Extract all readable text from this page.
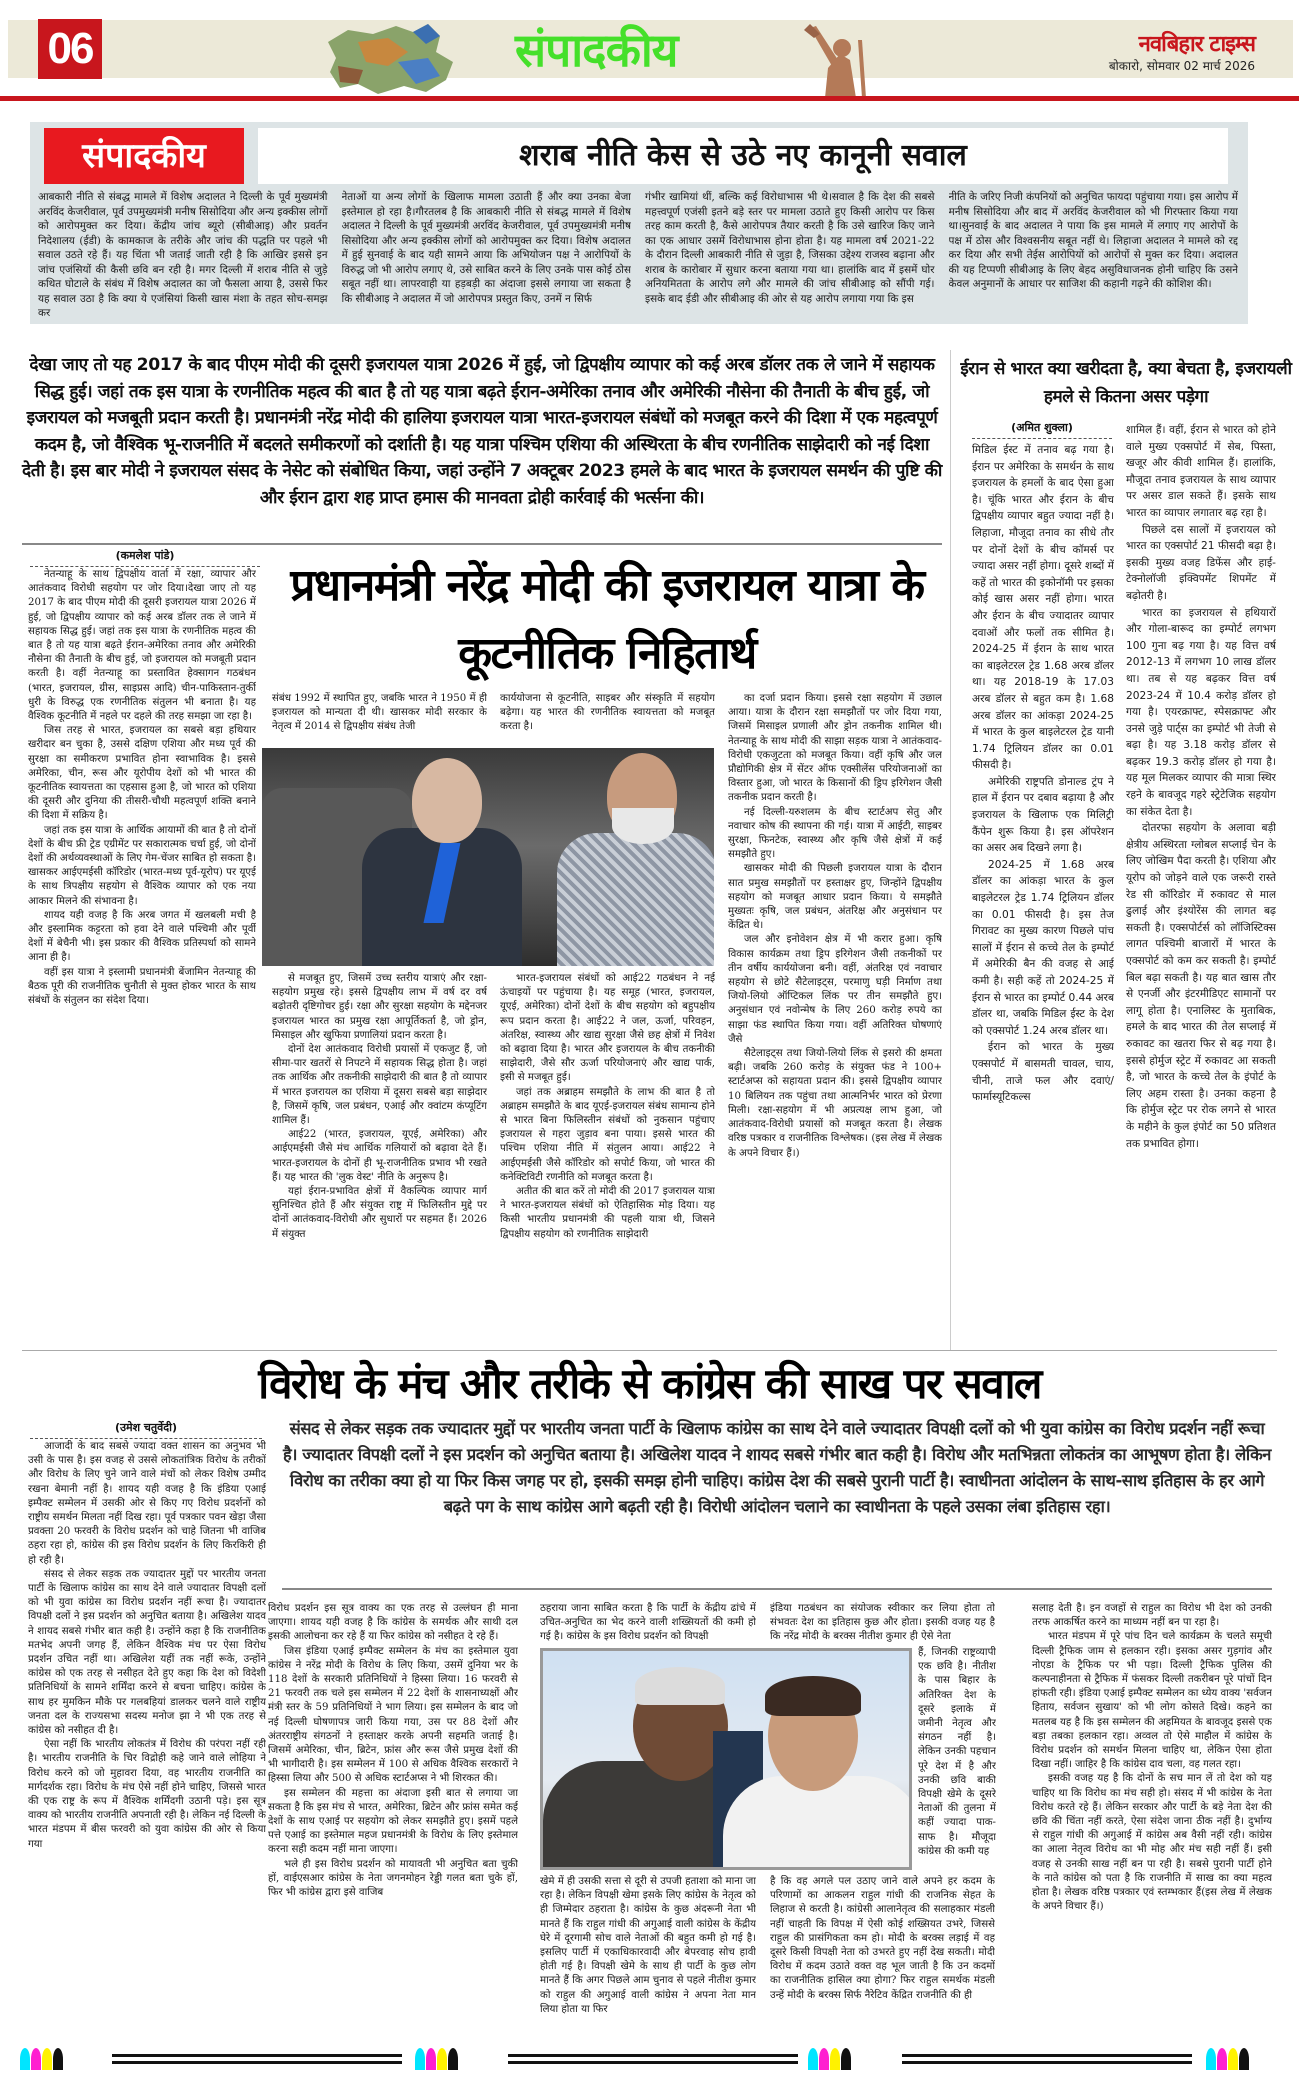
06	संपादकीय	नवबिहार टाइम्स
बोकारो, सोमवार 02 मार्च 2026
संपादकीय	शराब नीति केस से उठे नए कानूनी सवाल
आबकारी नीति से संबद्ध मामले में विशेष अदालत ने दिल्ली के पूर्व मुख्यमंत्री अरविंद केजरीवाल, पूर्व उपमुख्यमंत्री मनीष सिसोदिया और अन्य इक्कीस लोगों को आरोपमुक्त कर दिया। केंद्रीय जांच ब्यूरो (सीबीआइ) और प्रवर्तन निदेशालय (ईडी) के कामकाज के तरीके और जांच की पद्धति पर पहले भी सवाल उठते रहे हैं। यह चिंता भी जताई जाती रही है कि आखिर इससे इन जांच एजंसियों की कैसी छवि बन रही है। मगर दिल्ली में शराब नीति से जुड़े कथित घोटाले के संबंध में विशेष अदालत का जो फैसला आया है, उससे फिर यह सवाल उठा है कि क्या ये एजंसियां किसी खास मंशा के तहत सोच-समझ कर
नेताओं या अन्य लोगों के खिलाफ मामला उठाती हैं और क्या उनका बेजा इस्तेमाल हो रहा है।गौरतलब है कि आबकारी नीति से संबद्ध मामले में विशेष अदालत ने दिल्ली के पूर्व मुख्यमंत्री अरविंद केजरीवाल, पूर्व उपमुख्यमंत्री मनीष सिसोदिया और अन्य इक्कीस लोगों को आरोपमुक्त कर दिया। विशेष अदालत में हुई सुनवाई के बाद यही सामने आया कि अभियोजन पक्ष ने आरोपियों के विरुद्ध जो भी आरोप लगाए थे, उसे साबित करने के लिए उनके पास कोई ठोस सबूत नहीं था। लापरवाही या हड़बड़ी का अंदाजा इससे लगाया जा सकता है कि सीबीआइ ने अदालत में जो आरोपपत्र प्रस्तुत किए, उनमें न सिर्फ
गंभीर खामियां थीं, बल्कि कई विरोधाभास भी थे।सवाल है कि देश की सबसे महत्त्वपूर्ण एजंसी इतने बड़े स्तर पर मामला उठाते हुए किसी आरोप पर किस तरह काम करती है, कैसे आरोपपत्र तैयार करती है कि उसे खारिज किए जाने का एक आधार उसमें विरोधाभास होना होता है। यह मामला वर्ष 2021-22 के दौरान दिल्ली आबकारी नीति से जुड़ा है, जिसका उद्देश्य राजस्व बढ़ाना और शराब के कारोबार में सुधार करना बताया गया था। हालांकि बाद में इसमें घोर अनियमितता के आरोप लगे और मामले की जांच सीबीआइ को सौंपी गई। इसके बाद ईडी और सीबीआइ की ओर से यह आरोप लगाया गया कि इस
नीति के जरिए निजी कंपनियों को अनुचित फायदा पहुंचाया गया। इस आरोप में मनीष सिसोदिया और बाद में अरविंद केजरीवाल को भी गिरफ्तार किया गया था।सुनवाई के बाद अदालत ने पाया कि इस मामले में लगाए गए आरोपों के पक्ष में ठोस और विश्वसनीय सबूत नहीं थे। लिहाजा अदालत ने मामले को रद्द कर दिया और सभी तेईस आरोपियों को आरोपों से मुक्त कर दिया। अदालत की यह टिप्पणी सीबीआइ के लिए बेहद असुविधाजनक होनी चाहिए कि उसने केवल अनुमानों के आधार पर साजिश की कहानी गढ़ने की कोशिश की।
देखा जाए तो यह 2017 के बाद पीएम मोदी की दूसरी इजरायल यात्रा 2026 में हुई, जो द्विपक्षीय व्यापार को कई अरब डॉलर तक ले जाने में सहायक सिद्ध हुई। जहां तक इस यात्रा के रणनीतिक महत्व की बात है तो यह यात्रा बढ़ते ईरान-अमेरिका तनाव और अमेरिकी नौसेना की तैनाती के बीच हुई, जो इजरायल को मजबूती प्रदान करती है। प्रधानमंत्री नरेंद्र मोदी की हालिया इजरायल यात्रा भारत-इजरायल संबंधों को मजबूत करने की दिशा में एक महत्वपूर्ण कदम है, जो वैश्विक भू-राजनीति में बदलते समीकरणों को दर्शाती है। यह यात्रा पश्चिम एशिया की अस्थिरता के बीच रणनीतिक साझेदारी को नई दिशा देती है। इस बार मोदी ने इजरायल संसद के नेसेट को संबोधित किया, जहां उन्होंने 7 अक्टूबर 2023 हमले के बाद भारत के इजरायल समर्थन की पुष्टि की और ईरान द्वारा शह प्राप्त हमास की मानवता द्रोही कार्रवाई की भर्त्सना की।
(कमलेश पांडे)
प्रधानमंत्री नरेंद्र मोदी की इजरायल यात्रा के कूटनीतिक निहितार्थ

नेतन्याहू के साथ द्विपक्षीय वार्ता में रक्षा, व्यापार और आतंकवाद विरोधी सहयोग पर जोर दिया।देखा जाए तो यह 2017 के बाद पीएम मोदी की दूसरी इजरायल यात्रा 2026 में हुई, जो द्विपक्षीय व्यापार को कई अरब डॉलर तक ले जाने में सहायक सिद्ध हुई। जहां तक इस यात्रा के रणनीतिक महत्व की बात है तो यह यात्रा बढ़ते ईरान-अमेरिका तनाव और अमेरिकी नौसेना की तैनाती के बीच हुई, जो इजरायल को मजबूती प्रदान करती है। वहीं नेतन्याहू का प्रस्तावित हेक्सागन गठबंधन (भारत, इजरायल, ग्रीस, साइप्रस आदि) चीन-पाकिस्तान-तुर्की धुरी के विरुद्ध एक रणनीतिक संतुलन भी बनाता है। यह वैश्विक कूटनीति में नहले पर दहले की तरह समझा जा रहा है।

जिस तरह से भारत, इजरायल का सबसे बड़ा हथियार खरीदार बन चुका है, उससे दक्षिण एशिया और मध्य पूर्व की सुरक्षा का समीकरण प्रभावित होना स्वाभाविक है। इससे अमेरिका, चीन, रूस और यूरोपीय देशों को भी भारत की कूटनीतिक स्वायत्तता का एहसास हुआ है, जो भारत को एशिया की दूसरी और दुनिया की तीसरी-चौथी महत्वपूर्ण शक्ति बनाने की दिशा में सक्रिय है।

जहां तक इस यात्रा के आर्थिक आयामों की बात है तो दोनों देशों के बीच फ्री ट्रेड एग्रीमेंट पर सकारात्मक चर्चा हुई, जो दोनों देशों की अर्थव्यवस्थाओं के लिए गेम-चेंजर साबित हो सकता है। खासकर आईएमईसी कॉरिडोर (भारत-मध्य पूर्व-यूरोप) पर यूएई के साथ त्रिपक्षीय सहयोग से वैश्विक व्यापार को एक नया आकार मिलने की संभावना है।

शायद यही वजह है कि अरब जगत में खलबली मची है और इस्लामिक कट्टरता को हवा देने वाले पश्चिमी और पूर्वी देशों में बेचैनी भी। इस प्रकार की वैश्विक प्रतिस्पर्धा को सामने आना ही है।

वहीं इस यात्रा ने इस्लामी प्रधानमंत्री बेंजामिन नेतन्याहू की बैठक पूरी की राजनीतिक चुनौती से मुक्त होकर भारत के साथ संबंधों के संतुलन का संदेश दिया।

संबंध 1992 में स्थापित हुए, जबकि भारत ने 1950 में ही इजरायल को मान्यता दी थी। खासकर मोदी सरकार के नेतृत्व में 2014 से द्विपक्षीय संबंध तेजी
कार्ययोजना से कूटनीति, साइबर और संस्कृति में सहयोग बढ़ेगा। यह भारत की रणनीतिक स्वायत्तता को मजबूत करता है।

का दर्जा प्रदान किया। इससे रक्षा सहयोग में उछाल आया। यात्रा के दौरान रक्षा समझौतों पर जोर दिया गया, जिसमें मिसाइल प्रणाली और ड्रोन तकनीक शामिल थी। नेतन्याहू के साथ मोदी की साझा सड़क यात्रा ने आतंकवाद-विरोधी एकजुटता को मजबूत किया। वहीं कृषि और जल प्रौद्योगिकी क्षेत्र में सेंटर ऑफ एक्सीलेंस परियोजनाओं का विस्तार हुआ, जो भारत के किसानों की ड्रिप इरिगेशन जैसी तकनीक प्रदान करती है।

नई दिल्ली-यरुशलम के बीच स्टार्टअप सेतु और नवाचार कोष की स्थापना की गई। यात्रा में आईटी, साइबर सुरक्षा, फिनटेक, स्वास्थ्य और कृषि जैसे क्षेत्रों में कई समझौते हुए।

खासकर मोदी की पिछली इजरायल यात्रा के दौरान सात प्रमुख समझौतों पर हस्ताक्षर हुए, जिन्होंने द्विपक्षीय सहयोग को मजबूत आधार प्रदान किया। ये समझौते मुख्यतः कृषि, जल प्रबंधन, अंतरिक्ष और अनुसंधान पर केंद्रित थे।

जल और इनोवेशन क्षेत्र में भी करार हुआ। कृषि विकास कार्यक्रम तथा ड्रिप इरिगेशन जैसी तकनीकों पर तीन वर्षीय कार्ययोजना बनी। वहीं, अंतरिक्ष एवं नवाचार सहयोग से छोटे सैटेलाइट्स, परमाणु घड़ी निर्माण तथा जियो-लियो ऑप्टिकल लिंक पर तीन समझौते हुए। अनुसंधान एवं नवोन्मेष के लिए 260 करोड़ रुपये का साझा फंड स्थापित किया गया। वहीं अतिरिक्त घोषणाएं जैसे

सैटेलाइट्स तथा जियो-लियो लिंक से इसरो की क्षमता बढ़ी। जबकि 260 करोड़ के संयुक्त फंड ने 100+ स्टार्टअप्स को सहायता प्रदान की। इससे द्विपक्षीय व्यापार 10 बिलियन तक पहुंचा तथा आत्मनिर्भर भारत को प्रेरणा मिली। रक्षा-सहयोग में भी अप्रत्यक्ष लाभ हुआ, जो आतंकवाद-विरोधी प्रयासों को मजबूत करता है। लेखक वरिष्ठ पत्रकार व राजनीतिक विश्लेषक। (इस लेख में लेखक के अपने विचार हैं।)

से मजबूत हुए, जिसमें उच्च स्तरीय यात्राएं और रक्षा-सहयोग प्रमुख रहे। इससे द्विपक्षीय लाभ में वर्ष दर वर्ष बढ़ोतरी दृष्टिगोचर हुई। रक्षा और सुरक्षा सहयोग के मद्देनजर इजरायल भारत का प्रमुख रक्षा आपूर्तिकर्ता है, जो ड्रोन, मिसाइल और खुफिया प्रणालियां प्रदान करता है।

दोनों देश आतंकवाद विरोधी प्रयासों में एकजुट हैं, जो सीमा-पार खतरों से निपटने में सहायक सिद्ध होता है। जहां तक आर्थिक और तकनीकी साझेदारी की बात है तो व्यापार में भारत इजरायल का एशिया में दूसरा सबसे बड़ा साझेदार है, जिसमें कृषि, जल प्रबंधन, एआई और क्वांटम कंप्यूटिंग शामिल हैं।

आई22 (भारत, इजरायल, यूएई, अमेरिका) और आईएमईसी जैसे मंच आर्थिक गलियारों को बढ़ावा देते हैं। भारत-इजरायल के दोनों ही भू-राजनीतिक प्रभाव भी रखते हैं। यह भारत की 'लुक वेस्ट' नीति के अनुरूप है।

यहां ईरान-प्रभावित क्षेत्रों में वैकल्पिक व्यापार मार्ग सुनिश्चित होते हैं और संयुक्त राष्ट्र में फिलिस्तीन मुद्दे पर दोनों आतंकवाद-विरोधी और सुधारों पर सहमत हैं। 2026 में संयुक्त

भारत-इजरायल संबंधों को आई22 गठबंधन ने नई ऊंचाइयों पर पहुंचाया है। यह समूह (भारत, इजरायल, यूएई, अमेरिका) दोनों देशों के बीच सहयोग को बहुपक्षीय रूप प्रदान करता है। आई22 ने जल, ऊर्जा, परिवहन, अंतरिक्ष, स्वास्थ्य और खाद्य सुरक्षा जैसे छह क्षेत्रों में निवेश को बढ़ावा दिया है। भारत और इजरायल के बीच तकनीकी साझेदारी, जैसे सौर ऊर्जा परियोजनाएं और खाद्य पार्क, इसी से मजबूत हुई।

जहां तक अब्राहम समझौते के लाभ की बात है तो अब्राहम समझौते के बाद यूएई-इजरायल संबंध सामान्य होने से भारत बिना फिलिस्तीन संबंधों को नुकसान पहुंचाए इजरायल से गहरा जुड़ाव बना पाया। इससे भारत की पश्चिम एशिया नीति में संतुलन आया। आई22 ने आईएमईसी जैसे कॉरिडोर को सपोर्ट किया, जो भारत की कनेक्टिविटी रणनीति को मजबूत करता है।

अतीत की बात करें तो मोदी की 2017 इजरायल यात्रा ने भारत-इजरायल संबंधों को ऐतिहासिक मोड़ दिया। यह किसी भारतीय प्रधानमंत्री की पहली यात्रा थी, जिसने द्विपक्षीय सहयोग को रणनीतिक साझेदारी

ईरान से भारत क्या खरीदता है, क्या बेचता है, इजरायली हमले से कितना असर पड़ेगा
(अमित शुक्ला)

मिडिल ईस्ट में तनाव बढ़ गया है। ईरान पर अमेरिका के समर्थन के साथ इजरायल के हमलों के बाद ऐसा हुआ है। चूंकि भारत और ईरान के बीच द्विपक्षीय व्यापार बहुत ज्यादा नहीं है। लिहाजा, मौजूदा तनाव का सीधे तौर पर दोनों देशों के बीच कॉमर्स पर ज्यादा असर नहीं होगा। दूसरे शब्दों में कहें तो भारत की इकोनॉमी पर इसका कोई खास असर नहीं होगा। भारत और ईरान के बीच ज्यादातर व्यापार दवाओं और फलों तक सीमित है। 2024-25 में ईरान के साथ भारत का बाइलेटरल ट्रेड 1.68 अरब डॉलर था। यह 2018-19 के 17.03 अरब डॉलर से बहुत कम है। 1.68 अरब डॉलर का आंकड़ा 2024-25 में भारत के कुल बाइलेटरल ट्रेड यानी 1.74 ट्रिलियन डॉलर का 0.01 फीसदी है।

अमेरिकी राष्ट्रपति डोनाल्ड ट्रंप ने हाल में ईरान पर दबाव बढ़ाया है और इजरायल के खिलाफ एक मिलिट्री कैंपेन शुरू किया है। इस ऑपरेशन का असर अब दिखने लगा है।

2024-25 में 1.68 अरब डॉलर का आंकड़ा भारत के कुल बाइलेटरल ट्रेड 1.74 ट्रिलियन डॉलर का 0.01 फीसदी है। इस तेज गिरावट का मुख्य कारण पिछले पांच सालों में ईरान से कच्चे तेल के इम्पोर्ट में अमेरिकी बैन की वजह से आई कमी है। सही कहें तो 2024-25 में ईरान से भारत का इम्पोर्ट 0.44 अरब डॉलर था, जबकि मिडिल ईस्ट के देश को एक्सपोर्ट 1.24 अरब डॉलर था।

ईरान को भारत के मुख्य एक्सपोर्ट में बासमती चावल, चाय, चीनी, ताजे फल और दवाएं/फार्मास्यूटिकल्स

शामिल हैं। वहीं, ईरान से भारत को होने वाले मुख्य एक्सपोर्ट में सेब, पिस्ता, खजूर और कीवी शामिल हैं। हालांकि, मौजूदा तनाव इजरायल के साथ व्यापार पर असर डाल सकते हैं। इसके साथ भारत का व्यापार लगातार बढ़ रहा है।

पिछले दस सालों में इजरायल को भारत का एक्सपोर्ट 21 फीसदी बढ़ा है। इसकी मुख्य वजह डिफेंस और हाई-टेक्नोलॉजी इक्विपमेंट शिपमेंट में बढ़ोतरी है।

भारत का इजरायल से हथियारों और गोला-बारूद का इम्पोर्ट लगभग 100 गुना बढ़ गया है। यह वित्त वर्ष 2012-13 में लगभग 10 लाख डॉलर था। तब से यह बढ़कर वित्त वर्ष 2023-24 में 10.4 करोड़ डॉलर हो गया है। एयरक्राफ्ट, स्पेसक्राफ्ट और उनसे जुड़े पार्ट्स का इम्पोर्ट भी तेजी से बढ़ा है। यह 3.18 करोड़ डॉलर से बढ़कर 19.3 करोड़ डॉलर हो गया है। यह मूल मिलकर व्यापार की मात्रा स्थिर रहने के बावजूद गहरे स्ट्रेटेजिक सहयोग का संकेत देता है।

दोतरफा सहयोग के अलावा बड़ी क्षेत्रीय अस्थिरता ग्लोबल सप्लाई चेन के लिए जोखिम पैदा करती है। एशिया और यूरोप को जोड़ने वाले एक जरूरी रास्ते रेड सी कॉरिडोर में रुकावट से माल ढुलाई और इंश्योरेंस की लागत बढ़ सकती है। एक्सपोर्टर्स को लॉजिस्टिक्स लागत पश्चिमी बाजारों में भारत के एक्सपोर्ट को कम कर सकती है। इम्पोर्ट बिल बढ़ा सकती है। यह बात खास तौर से एनर्जी और इंटरमीडिएट सामानों पर लागू होता है। एनालिस्ट के मुताबिक, हमले के बाद भारत की तेल सप्लाई में रुकावट का खतरा फिर से बढ़ गया है। इससे होर्मुज स्ट्रेट में रुकावट आ सकती है, जो भारत के कच्चे तेल के इंपोर्ट के लिए अहम रास्ता है। उनका कहना है कि होर्मुज स्ट्रेट पर रोक लगने से भारत के महीने के कुल इंपोर्ट का 50 प्रतिशत तक प्रभावित होगा।

विरोध के मंच और तरीके से कांग्रेस की साख पर सवाल
(उमेश चतुर्वेदी)	संसद से लेकर सड़क तक ज्यादातर मुद्दों पर भारतीय जनता पार्टी के खिलाफ कांग्रेस का साथ देने वाले ज्यादातर विपक्षी दलों को भी युवा कांग्रेस का विरोध प्रदर्शन नहीं रूचा है। ज्यादातर विपक्षी दलों ने इस प्रदर्शन को अनुचित बताया है। अखिलेश यादव ने शायद सबसे गंभीर बात कही है। विरोध और मतभिन्नता लोकतंत्र का आभूषण होता है। लेकिन विरोध का तरीका क्या हो या फिर किस जगह पर हो, इसकी समझ होनी चाहिए। कांग्रेस देश की सबसे पुरानी पार्टी है। स्वाधीनता आंदोलन के साथ-साथ इतिहास के हर आगे बढ़ते पग के साथ कांग्रेस आगे बढ़ती रही है। विरोधी आंदोलन चलाने का स्वाधीनता के पहले उसका लंबा इतिहास रहा।

आजादी के बाद सबसे ज्यादा वक्त शासन का अनुभव भी उसी के पास है। इस वजह से उससे लोकतांत्रिक विरोध के तरीकों और विरोध के लिए चुने जाने वाले मंचों को लेकर विशेष उम्मीद रखना बेमानी नहीं है। शायद यही वजह है कि इंडिया एआई इम्पैक्ट सम्मेलन में उसकी ओर से किए गए विरोध प्रदर्शनों को राष्ट्रीय समर्थन मिलता नहीं दिख रहा। पूर्व पत्रकार पवन खेड़ा जैसा प्रवक्ता 20 फरवरी के विरोध प्रदर्शन को चाहे जितना भी वाजिब ठहरा रहा हो, कांग्रेस की इस विरोध प्रदर्शन के लिए किरकिरी ही हो रही है।

संसद से लेकर सड़क तक ज्यादातर मुद्दों पर भारतीय जनता पार्टी के खिलाफ कांग्रेस का साथ देने वाले ज्यादातर विपक्षी दलों को भी युवा कांग्रेस का विरोध प्रदर्शन नहीं रूचा है। ज्यादातर विपक्षी दलों ने इस प्रदर्शन को अनुचित बताया है। अखिलेश यादव ने शायद सबसे गंभीर बात कही है। उन्होंने कहा है कि राजनीतिक मतभेद अपनी जगह हैं, लेकिन वैश्विक मंच पर ऐसा विरोध प्रदर्शन उचित नहीं था। अखिलेश यहीं तक नहीं रूके, उन्होंने कांग्रेस को एक तरह से नसीहत देते हुए कहा कि देश को विदेशी प्रतिनिधियों के सामने शर्मिंदा करने से बचना चाहिए। कांग्रेस के साथ हर मुमकिन मौके पर गलबहियां डालकर चलने वाले राष्ट्रीय जनता दल के राज्यसभा सदस्य मनोज झा ने भी एक तरह से कांग्रेस को नसीहत दी है।

ऐसा नहीं कि भारतीय लोकतंत्र में विरोध की परंपरा नहीं रही है। भारतीय राजनीति के चिर विद्रोही कहे जाने वाले लोहिया ने विरोध करने को जो मुहावरा दिया, वह भारतीय राजनीति का मार्गदर्शक रहा। विरोध के मंच ऐसे नहीं होने चाहिए, जिससे भारत की एक राष्ट्र के रूप में वैश्विक शर्मिंदगी उठानी पड़े। इस सूत्र वाक्य को भारतीय राजनीति अपनाती रही है। लेकिन नई दिल्ली के भारत मंडपम में बीस फरवरी को युवा कांग्रेस की ओर से किया गया

विरोध प्रदर्शन इस सूत्र वाक्य का एक तरह से उल्लंघन ही माना जाएगा। शायद यही वजह है कि कांग्रेस के समर्थक और साथी दल इसकी आलोचना कर रहे हैं या फिर कांग्रेस को नसीहत दे रहे हैं।

जिस इंडिया एआई इम्पैक्ट सम्मेलन के मंच का इस्तेमाल युवा कांग्रेस ने नरेंद्र मोदी के विरोध के लिए किया, उसमें दुनिया भर के 118 देशों के सरकारी प्रतिनिधियों ने हिस्सा लिया। 16 फरवरी से 21 फरवरी तक चले इस सम्मेलन में 22 देशों के शासनाध्यक्षों और मंत्री स्तर के 59 प्रतिनिधियों ने भाग लिया। इस सम्मेलन के बाद जो नई दिल्ली घोषणापत्र जारी किया गया, उस पर 88 देशों और अंतरराष्ट्रीय संगठनों ने हस्ताक्षर करके अपनी सहमति जताई है। जिसमें अमेरिका, चीन, ब्रिटेन, फ्रांस और रूस जैसे प्रमुख देशों की भी भागीदारी है। इस सम्मेलन में 100 से अधिक वैश्विक सरकारों ने हिस्सा लिया और 500 से अधिक स्टार्टअप्स ने भी शिरकत की।

इस सम्मेलन की महत्ता का अंदाजा इसी बात से लगाया जा सकता है कि इस मंच से भारत, अमेरिका, ब्रिटेन और फ्रांस समेत कई देशों के साथ एआई पर सहयोग को लेकर समझौते हुए। इसमें पहले पत्ते एआई का इस्तेमाल महज प्रधानमंत्री के विरोध के लिए इस्तेमाल करना सही कदम नहीं माना जाएगा।

भले ही इस विरोध प्रदर्शन को मायावती भी अनुचित बता चुकी हों, वाईएसआर कांग्रेस के नेता जगनमोहन रेड्डी गलत बता चुके हों, फिर भी कांग्रेस द्वारा इसे वाजिब

ठहराया जाना साबित करता है कि पार्टी के केंद्रीय ढांचे में उचित-अनुचित का भेद करने वाली शख्सियतों की कमी हो गई है। कांग्रेस के इस विरोध प्रदर्शन को विपक्षी
इंडिया गठबंधन का संयोजक स्वीकार कर लिया होता तो संभवतः देश का इतिहास कुछ और होता। इसकी वजह यह है कि नरेंद्र मोदी के बरक्स नीतीश कुमार ही ऐसे नेता
हैं, जिनकी राष्ट्रव्यापी एक छवि है। नीतीश के पास बिहार के अतिरिक्त देश के दूसरे इलाके में जमीनी नेतृत्व और संगठन नहीं है। लेकिन उनकी पहचान पूरे देश में है और उनकी छवि बाकी विपक्षी खेमे के दूसरे नेताओं की तुलना में कहीं ज्यादा पाक-साफ है। मौजूदा कांग्रेस की कमी यह
खेमे में ही उसकी सत्ता से दूरी से उपजी हताशा को माना जा रहा है। लेकिन विपक्षी खेमा इसके लिए कांग्रेस के नेतृत्व को ही जिम्मेदार ठहराता है। कांग्रेस के कुछ अंदरूनी नेता भी मानते हैं कि राहुल गांधी की अगुआई वाली कांग्रेस के केंद्रीय घेरे में दूरगामी सोच वाले नेताओं की बहुत कमी हो गई है। इसलिए पार्टी में एकाधिकारवादी और बेपरवाह सोच हावी होती गई है। विपक्षी खेमे के साथ ही पार्टी के कुछ लोग मानते हैं कि अगर पिछले आम चुनाव से पहले नीतीश कुमार को राहुल की अगुआई वाली कांग्रेस ने अपना नेता मान लिया होता या फिर
है कि वह अगले पल उठाए जाने वाले अपने हर कदम के परिणामों का आकलन राहुल गांधी की राजनिक सेहत के लिहाज से करती है। कांग्रेसी आलानेतृत्व की सलाहकार मंडली नहीं चाहती कि विपक्ष में ऐसी कोई शख्सियत उभरे, जिससे राहुल की प्रासंगिकता कम हो। मोदी के बरक्स लड़ाई में वह दूसरे किसी विपक्षी नेता को उभरते हुए नहीं देख सकती। मोदी विरोध में कदम उठाते वक्त वह भूल जाती है कि उन कदमों का राजनीतिक हासिल क्या होगा? फिर राहुल समर्थक मंडली उन्हें मोदी के बरक्स सिर्फ नैरेटिव केंद्रित राजनीति की ही

सलाह देती है। इन वजहों से राहुल का विरोध भी देश को उनकी तरफ आकर्षित करने का माध्यम नहीं बन पा रहा है।

भारत मंडपम में पूरे पांच दिन चले कार्यक्रम के चलते समूची दिल्ली ट्रैफिक जाम से हलकान रही। इसका असर गुड़गांव और नोएडा के ट्रैफिक पर भी पड़ा। दिल्ली ट्रैफिक पुलिस की कल्पनाहीनता से ट्रैफिक में फंसकर दिल्ली तकरीबन पूरे पांचों दिन हांफती रही। इंडिया एआई इम्पैक्ट सम्मेलन का ध्येय वाक्य 'सर्वजन हिताय, सर्वजन सुखाय' को भी लोग कोसते दिखे। कहने का मतलब यह है कि इस सम्मेलन की अहमियत के बावजूद इससे एक बड़ा तबका हलकान रहा। अव्वल तो ऐसे माहौल में कांग्रेस के विरोध प्रदर्शन को समर्थन मिलना चाहिए था, लेकिन ऐसा होता दिखा नहीं। जाहिर है कि कांग्रेस दाव चला, वह गलत रहा।

इसकी वजह यह है कि दोनों के सच मान लें तो देश को यह चाहिए था कि विरोध का मंच सही हो। संसद में भी कांग्रेस के नेता विरोध करते रहे हैं। लेकिन सरकार और पार्टी के बड़े नेता देश की छवि की चिंता नहीं करते, ऐसा संदेश जाना ठीक नहीं है। दुर्भाग्य से राहुल गांधी की अगुआई में कांग्रेस अब वैसी नहीं रही। कांग्रेस का आला नेतृत्व विरोध का भी मोह और मंच सही नहीं हैं। इसी वजह से उनकी साख नहीं बन पा रही है। सबसे पुरानी पार्टी होने के नाते कांग्रेस को पता है कि राजनीति में साख का क्या महत्व होता है। लेखक वरिष्ठ पत्रकार एवं स्तम्भकार हैं(इस लेख में लेखक के अपने विचार हैं।)
